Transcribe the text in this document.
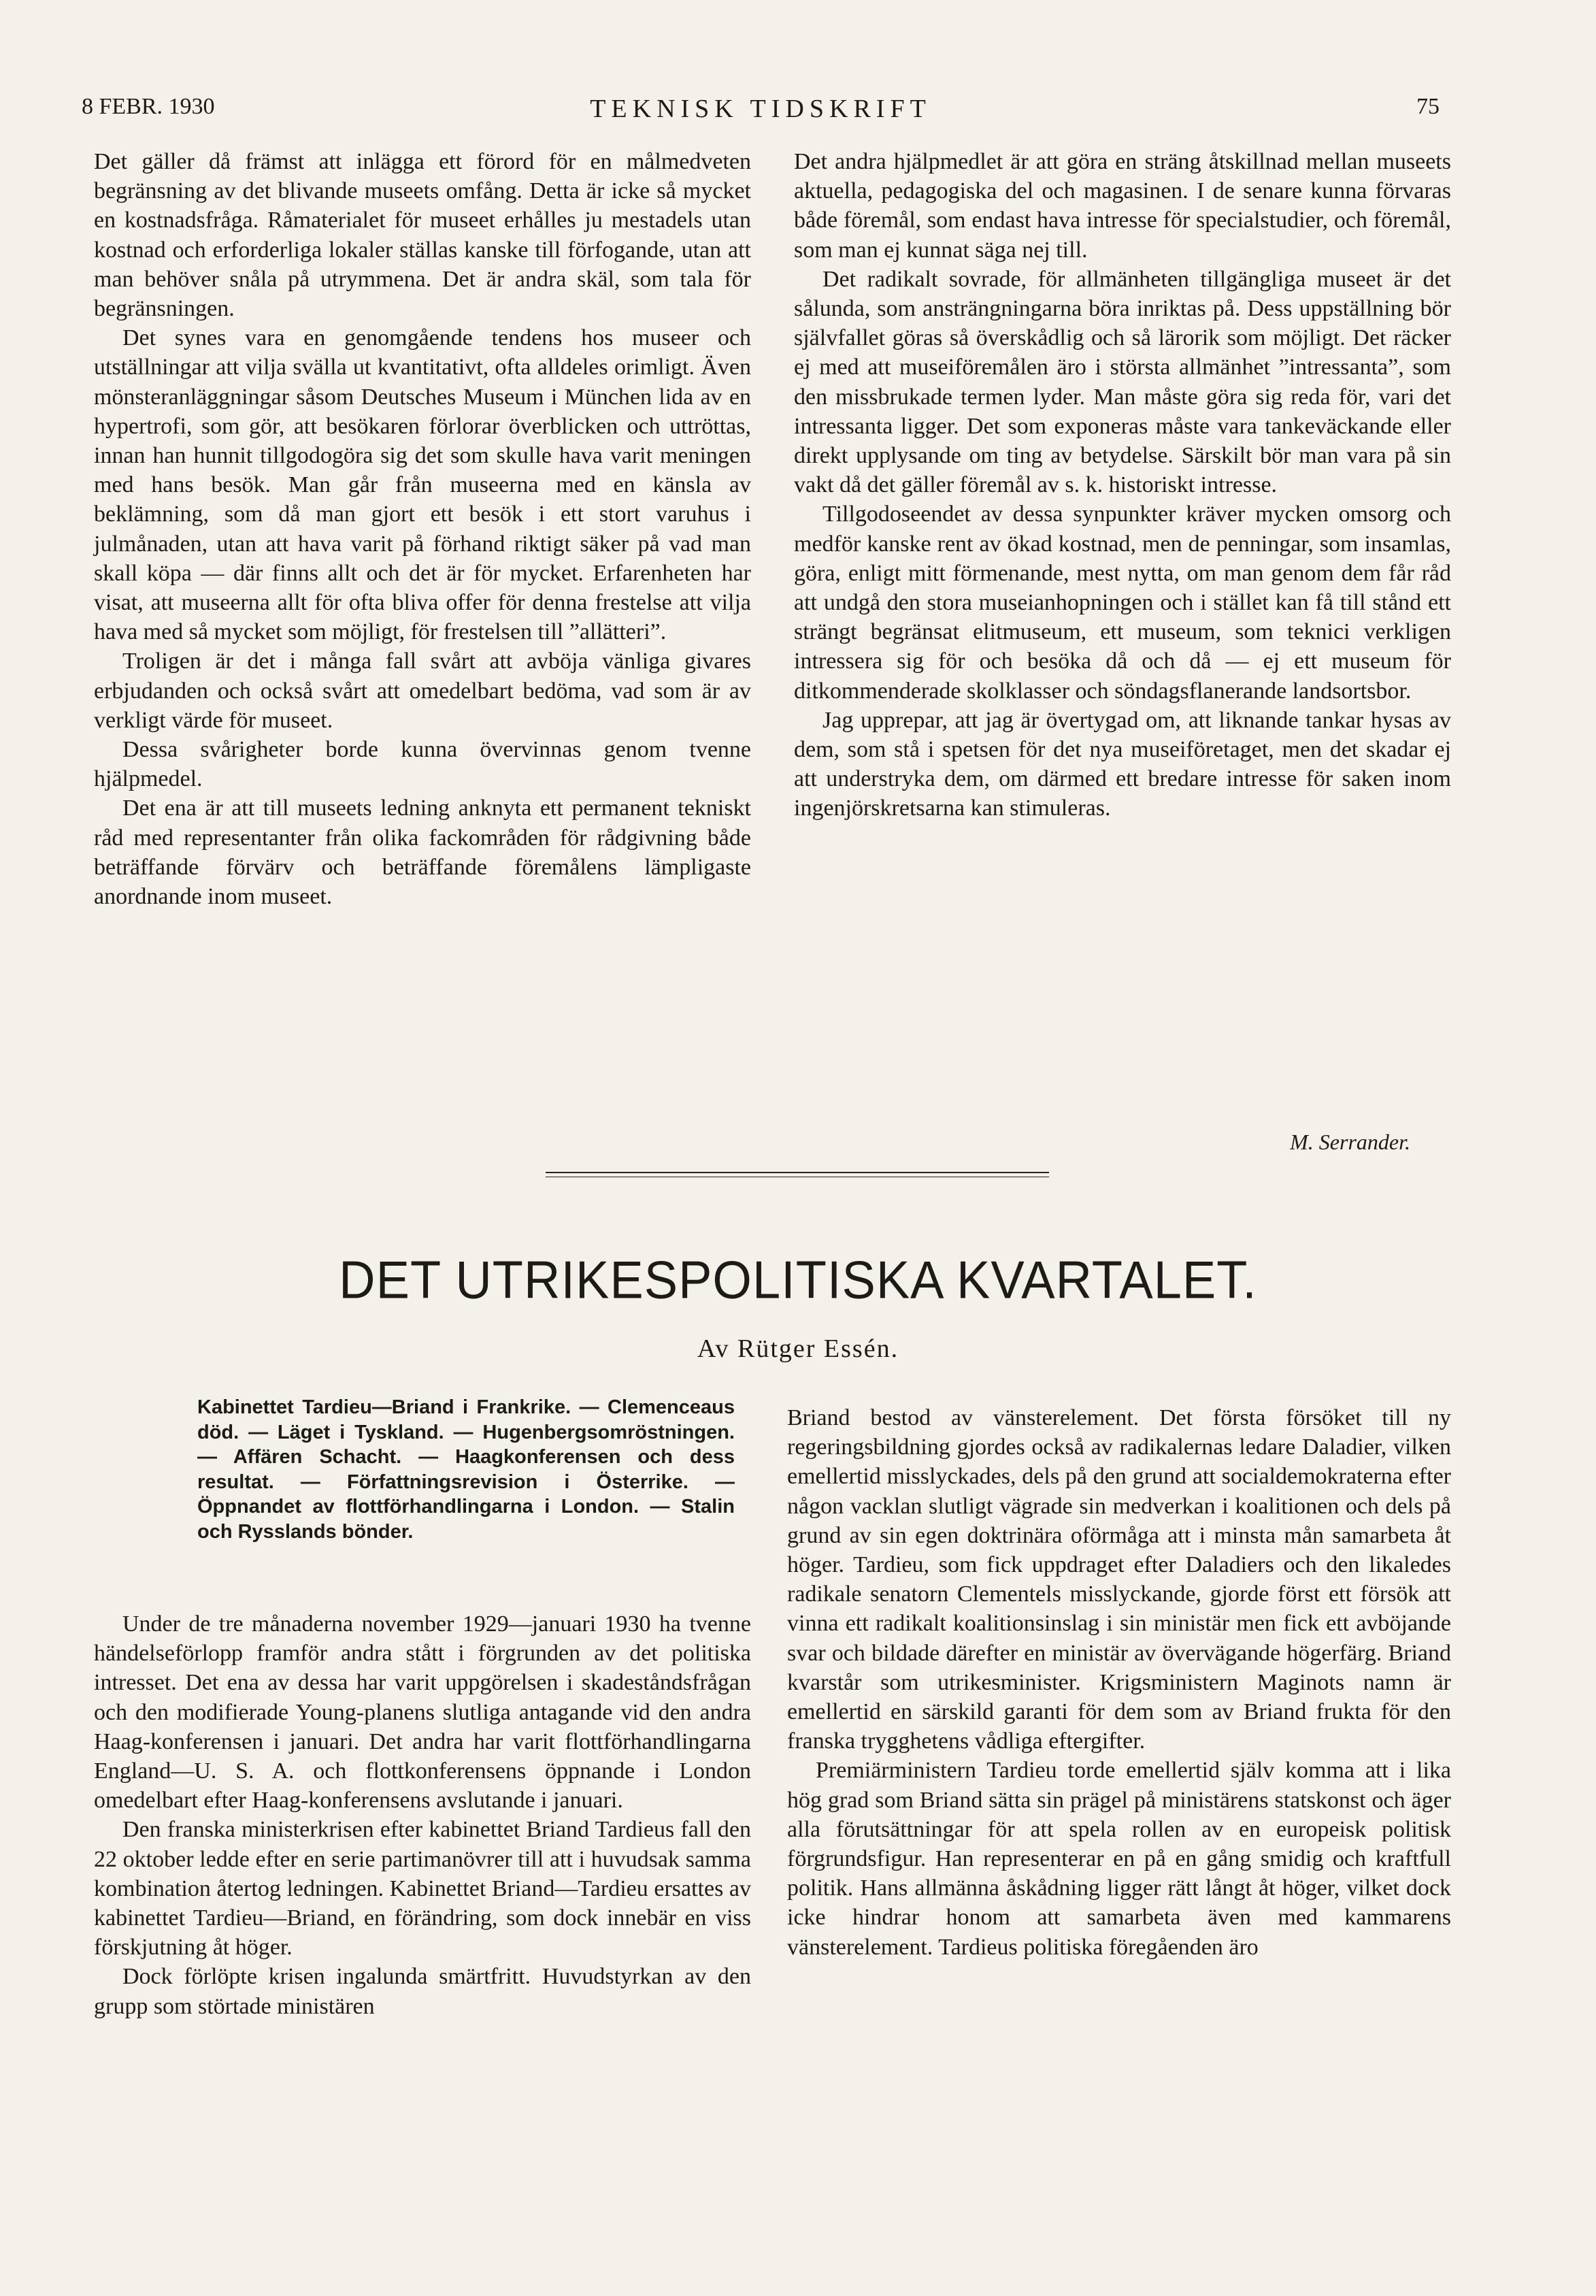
8 FEBR. 1930	TEKNISK TIDSKRIFT	75

Det gäller då främst att inlägga ett förord för en målmedveten begränsning av det blivande museets omfång. Detta är icke så mycket en kostnadsfråga. Råmaterialet för museet erhålles ju mestadels utan kostnad och erforderliga lokaler ställas kanske till förfogande, utan att man behöver snåla på utrymmena. Det är andra skäl, som tala för begränsningen.

Det synes vara en genomgående tendens hos museer och utställningar att vilja svälla ut kvantitativt, ofta alldeles orimligt. Även mönsteranläggningar såsom Deutsches Museum i München lida av en hypertrofi, som gör, att besökaren förlorar överblicken och uttröttas, innan han hunnit tillgodogöra sig det som skulle hava varit meningen med hans besök. Man går från museerna med en känsla av beklämning, som då man gjort ett besök i ett stort varuhus i julmånaden, utan att hava varit på förhand riktigt säker på vad man skall köpa — där finns allt och det är för mycket. Erfarenheten har visat, att museerna allt för ofta bliva offer för denna frestelse att vilja hava med så mycket som möjligt, för frestelsen till ”allätteri”.

Troligen är det i många fall svårt att avböja vänliga givares erbjudanden och också svårt att omedelbart bedöma, vad som är av verkligt värde för museet.

Dessa svårigheter borde kunna övervinnas genom tvenne hjälpmedel.

Det ena är att till museets ledning anknyta ett permanent tekniskt råd med representanter från olika fackområden för rådgivning både beträffande förvärv och beträffande föremålens lämpligaste anordnande inom museet.

Det andra hjälpmedlet är att göra en sträng åtskillnad mellan museets aktuella, pedagogiska del och magasinen. I de senare kunna förvaras både föremål, som endast hava intresse för specialstudier, och föremål, som man ej kunnat säga nej till.

Det radikalt sovrade, för allmänheten tillgängliga museet är det sålunda, som ansträngningarna böra inriktas på. Dess uppställning bör självfallet göras så överskådlig och så lärorik som möjligt. Det räcker ej med att museiföremålen äro i största allmänhet ”intressanta”, som den missbrukade termen lyder. Man måste göra sig reda för, vari det intressanta ligger. Det som exponeras måste vara tankeväckande eller direkt upplysande om ting av betydelse. Särskilt bör man vara på sin vakt då det gäller föremål av s. k. historiskt intresse.

Tillgodoseendet av dessa synpunkter kräver mycken omsorg och medför kanske rent av ökad kostnad, men de penningar, som insamlas, göra, enligt mitt förmenande, mest nytta, om man genom dem får råd att undgå den stora museianhopningen och i stället kan få till stånd ett strängt begränsat elitmuseum, ett museum, som teknici verkligen intressera sig för och besöka då och då — ej ett museum för ditkommenderade skolklasser och söndagsflanerande landsortsbor.

Jag upprepar, att jag är övertygad om, att liknande tankar hysas av dem, som stå i spetsen för det nya museiföretaget, men det skadar ej att understryka dem, om därmed ett bredare intresse för saken inom ingenjörskretsarna kan stimuleras.

M. Serrander.
DET UTRIKESPOLITISKA KVARTALET.
Av Rütger Essén.
Kabinettet Tardieu—Briand i Frankrike. — Clemenceaus död. — Läget i Tyskland. — Hugenbergsomröstningen. — Affären Schacht. — Haagkonferensen och dess resultat. — Författningsrevision i Österrike. — Öppnandet av flottförhandlingarna i London. — Stalin och Rysslands bönder.

Under de tre månaderna november 1929—januari 1930 ha tvenne händelseförlopp framför andra stått i förgrunden av det politiska intresset. Det ena av dessa har varit uppgörelsen i skadeståndsfrågan och den modifierade Young-planens slutliga antagande vid den andra Haag-konferensen i januari. Det andra har varit flottförhandlingarna England—U. S. A. och flottkonferensens öppnande i London omedelbart efter Haag-konferensens avslutande i januari.

Den franska ministerkrisen efter kabinettet Briand Tardieus fall den 22 oktober ledde efter en serie partimanövrer till att i huvudsak samma kombination återtog ledningen. Kabinettet Briand—Tardieu ersattes av kabinettet Tardieu—Briand, en förändring, som dock innebär en viss förskjutning åt höger.

Dock förlöpte krisen ingalunda smärtfritt. Huvudstyrkan av den grupp som störtade ministären

Briand bestod av vänsterelement. Det första försöket till ny regeringsbildning gjordes också av radikalernas ledare Daladier, vilken emellertid misslyckades, dels på den grund att socialdemokraterna efter någon vacklan slutligt vägrade sin medverkan i koalitionen och dels på grund av sin egen doktrinära oförmåga att i minsta mån samarbeta åt höger. Tardieu, som fick uppdraget efter Daladiers och den likaledes radikale senatorn Clementels misslyckande, gjorde först ett försök att vinna ett radikalt koalitionsinslag i sin ministär men fick ett avböjande svar och bildade därefter en ministär av övervägande högerfärg. Briand kvarstår som utrikesminister. Krigsministern Maginots namn är emellertid en särskild garanti för dem som av Briand frukta för den franska trygghetens vådliga eftergifter.

Premiärministern Tardieu torde emellertid själv komma att i lika hög grad som Briand sätta sin prägel på ministärens statskonst och äger alla förutsättningar för att spela rollen av en europeisk politisk förgrundsfigur. Han representerar en på en gång smidig och kraftfull politik. Hans allmänna åskådning ligger rätt långt åt höger, vilket dock icke hindrar honom att samarbeta även med kammarens vänsterelement. Tardieus politiska föregåenden äro
